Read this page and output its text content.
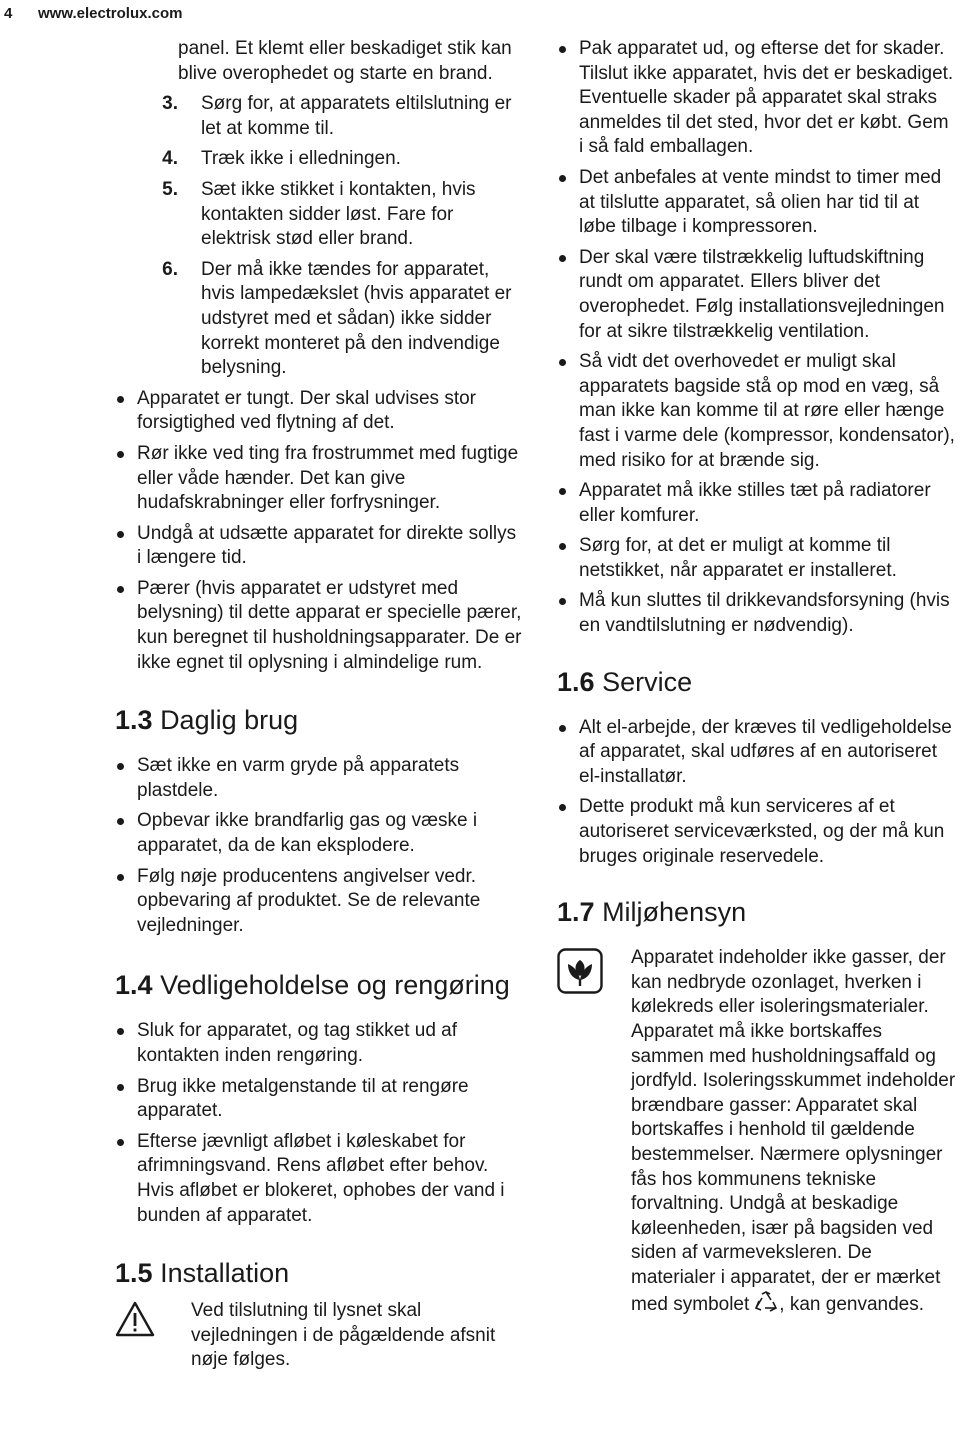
4	www.electrolux.com
panel. Et klemt eller beskadiget stik kan blive overophedet og starte en brand.
3.	Sørg for, at apparatets eltilslutning er let at komme til.
4.	Træk ikke i elledningen.
5.	Sæt ikke stikket i kontakten, hvis kontakten sidder løst. Fare for elektrisk stød eller brand.
6.	Der må ikke tændes for apparatet, hvis lampedækslet (hvis apparatet er udstyret med et sådan) ikke sidder korrekt monteret på den indvendige belysning.
Apparatet er tungt. Der skal udvises stor forsigtighed ved flytning af det.
Rør ikke ved ting fra frostrummet med fugtige eller våde hænder. Det kan give hudafskrabninger eller forfrysninger.
Undgå at udsætte apparatet for direkte sollys i længere tid.
Pærer (hvis apparatet er udstyret med belysning) til dette apparat er specielle pærer, kun beregnet til husholdningsapparater. De er ikke egnet til oplysning i almindelige rum.
1.3 Daglig brug
Sæt ikke en varm gryde på apparatets plastdele.
Opbevar ikke brandfarlig gas og væske i apparatet, da de kan eksplodere.
Følg nøje producentens angivelser vedr. opbevaring af produktet. Se de relevante vejledninger.
1.4 Vedligeholdelse og rengøring
Sluk for apparatet, og tag stikket ud af kontakten inden rengøring.
Brug ikke metalgenstande til at rengøre apparatet.
Efterse jævnligt afløbet i køleskabet for afrimningsvand. Rens afløbet efter behov. Hvis afløbet er blokeret, ophobes der vand i bunden af apparatet.
1.5 Installation
Ved tilslutning til lysnet skal vejledningen i de pågældende afsnit nøje følges.
Pak apparatet ud, og efterse det for skader. Tilslut ikke apparatet, hvis det er beskadiget. Eventuelle skader på apparatet skal straks anmeldes til det sted, hvor det er købt. Gem i så fald emballagen.
Det anbefales at vente mindst to timer med at tilslutte apparatet, så olien har tid til at løbe tilbage i kompressoren.
Der skal være tilstrækkelig luftudskiftning rundt om apparatet. Ellers bliver det overophedet. Følg installationsvejledningen for at sikre tilstrækkelig ventilation.
Så vidt det overhovedet er muligt skal apparatets bagside stå op mod en væg, så man ikke kan komme til at røre eller hænge fast i varme dele (kompressor, kondensator), med risiko for at brænde sig.
Apparatet må ikke stilles tæt på radiatorer eller komfurer.
Sørg for, at det er muligt at komme til netstikket, når apparatet er installeret.
Må kun sluttes til drikkevandsforsyning (hvis en vandtilslutning er nødvendig).
1.6 Service
Alt el-arbejde, der kræves til vedligeholdelse af apparatet, skal udføres af en autoriseret el-installatør.
Dette produkt må kun serviceres af et autoriseret serviceværksted, og der må kun bruges originale reservedele.
1.7 Miljøhensyn
Apparatet indeholder ikke gasser, der kan nedbryde ozonlaget, hverken i kølekreds eller isoleringsmaterialer. Apparatet må ikke bortskaffes sammen med husholdningsaffald og jordfyld. Isoleringsskummet indeholder brændbare gasser: Apparatet skal bortskaffes i henhold til gældende bestemmelser. Nærmere oplysninger fås hos kommunens tekniske forvaltning. Undgå at beskadige køleenheden, især på bagsiden ved siden af varmeveksleren. De materialer i apparatet, der er mærket med symbolet , kan genvandes.
